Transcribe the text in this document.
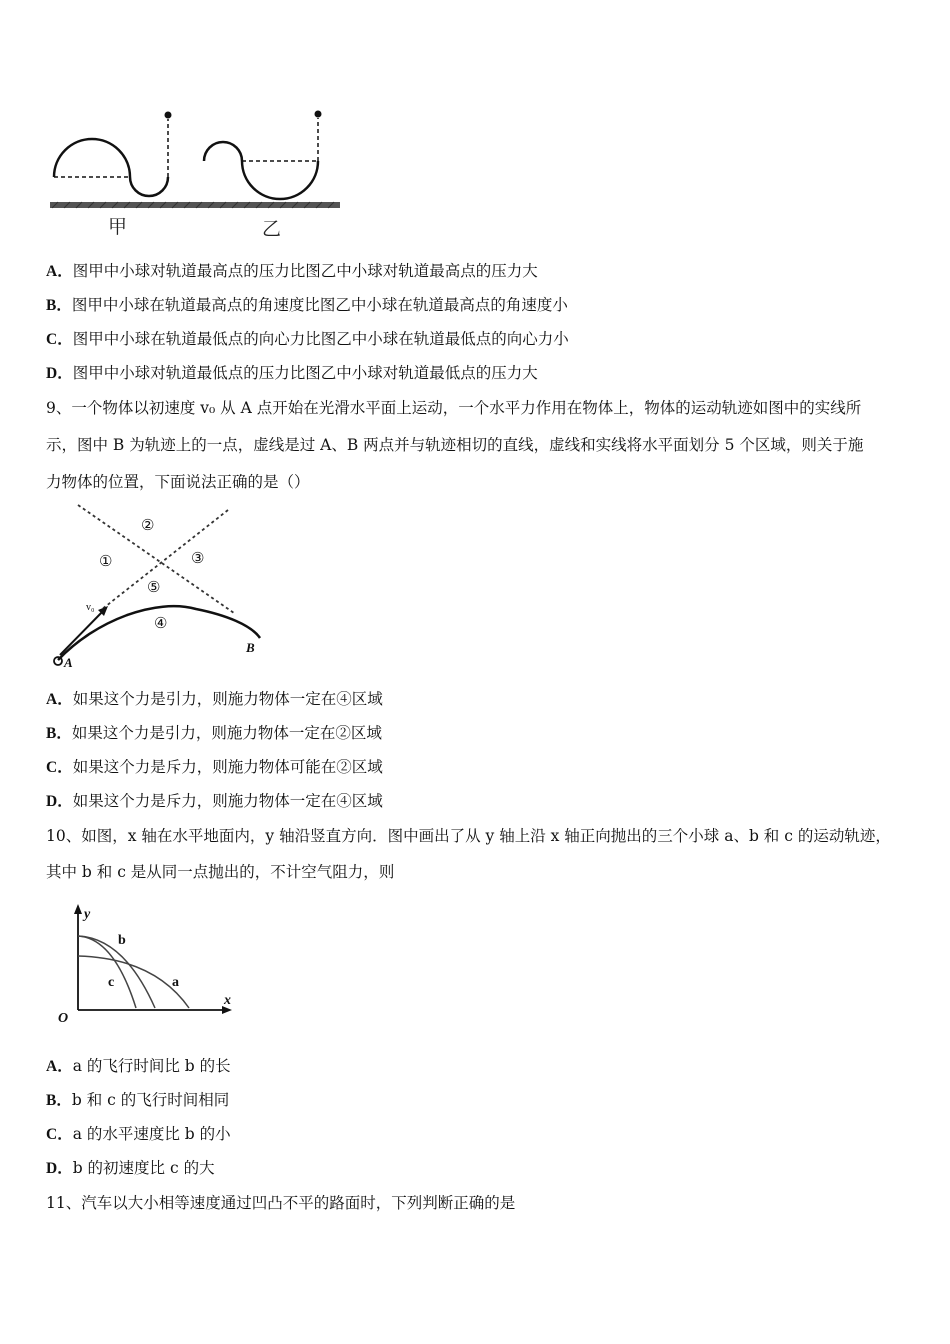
甲	乙
A．图甲中小球对轨道最高点的压力比图乙中小球对轨道最高点的压力大
B．图甲中小球在轨道最高点的角速度比图乙中小球在轨道最高点的角速度小
C．图甲中小球在轨道最低点的向心力比图乙中小球在轨道最低点的向心力小
D．图甲中小球对轨道最低点的压力比图乙中小球对轨道最低点的压力大
9、一个物体以初速度 v₀ 从 A 点开始在光滑水平面上运动，一个水平力作用在物体上，物体的运动轨迹如图中的实线所
示，图中 B 为轨迹上的一点，虚线是过 A、B 两点并与轨迹相切的直线，虚线和实线将水平面划分 5 个区域，则关于施
力物体的位置，下面说法正确的是（）
v₀
A
B
①
②
③
⑤
④
A．如果这个力是引力，则施力物体一定在④区域
B．如果这个力是引力，则施力物体一定在②区域
C．如果这个力是斥力，则施力物体可能在②区域
D．如果这个力是斥力，则施力物体一定在④区域
10、如图，x 轴在水平地面内，y 轴沿竖直方向．图中画出了从 y 轴上沿 x 轴正向抛出的三个小球 a、b 和 c 的运动轨迹，
其中 b 和 c 是从同一点抛出的，不计空气阻力，则
y
x
O
b
c	a
A．a 的飞行时间比 b 的长
B．b 和 c 的飞行时间相同
C．a 的水平速度比 b 的小
D．b 的初速度比 c 的大
11、汽车以大小相等速度通过凹凸不平的路面时，下列判断正确的是
